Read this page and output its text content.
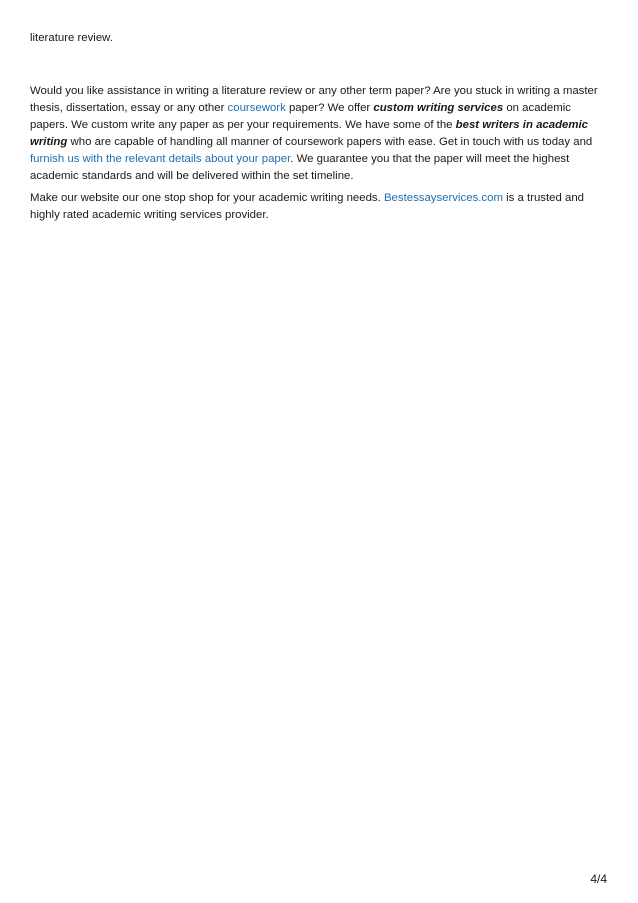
literature review.

Would you like assistance in writing a literature review or any other term paper? Are you stuck in writing a master thesis, dissertation, essay or any other coursework paper? We offer custom writing services on academic papers. We custom write any paper as per your requirements. We have some of the best writers in academic writing who are capable of handling all manner of coursework papers with ease. Get in touch with us today and furnish us with the relevant details about your paper. We guarantee you that the paper will meet the highest academic standards and will be delivered within the set timeline.

Make our website our one stop shop for your academic writing needs. Bestessayservices.com is a trusted and highly rated academic writing services provider.

4/4
